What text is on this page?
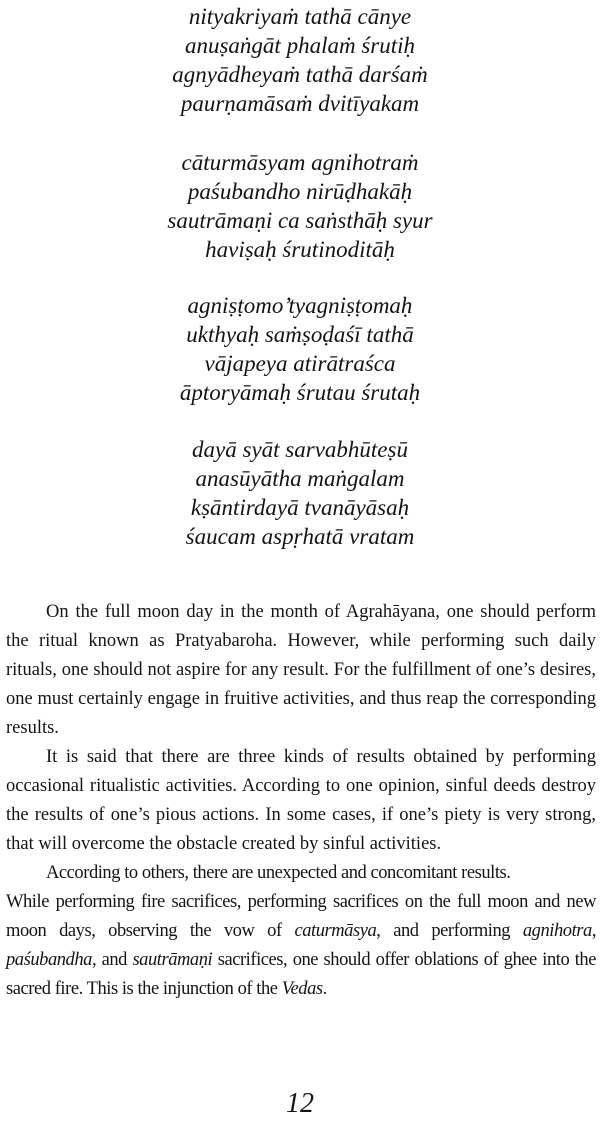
nityakriyaṁ tathā cānye
anuṣaṅgāt phalaṁ śrutiḥ
agnyādheyaṁ tathā darśaṁ
paurṇamāsaṁ dvitīyakam
cāturmāsyam agnihotraṁ
paśubandho nirūḍhakāḥ
sautrāmaṇi ca saṅsthāḥ syur
haviṣaḥ śrutinoditāḥ
agniṣṭomo’tyagniṣṭomaḥ
ukthyaḥ saṁṣoḍaśī tathā
vājapeya atirātraśca
āptoryāmaḥ śrutau śrutaḥ
dayā syāt sarvabhūteṣū
anasūyātha maṅgalam
kṣāntirdayā tvanāyāsaḥ
śaucam aspṛhatā vratam

On the full moon day in the month of Agrahāyana, one should perform the ritual known as Pratyabaroha. However, while performing such daily rituals, one should not aspire for any result. For the fulfillment of one’s desires, one must certainly engage in fruitive activities, and thus reap the corresponding results.

It is said that there are three kinds of results obtained by performing occasional ritualistic activities. According to one opinion, sinful deeds destroy the results of one’s pious actions. In some cases, if one’s piety is very strong, that will overcome the obstacle created by sinful activities.

According to others, there are unexpected and concomitant results.

While performing fire sacrifices, performing sacrifices on the full moon and new moon days, observing the vow of caturmāsya, and performing agnihotra, paśubandha, and sautrāmaṇi sacrifices, one should offer oblations of ghee into the sacred fire. This is the injunction of the Vedas.

12
